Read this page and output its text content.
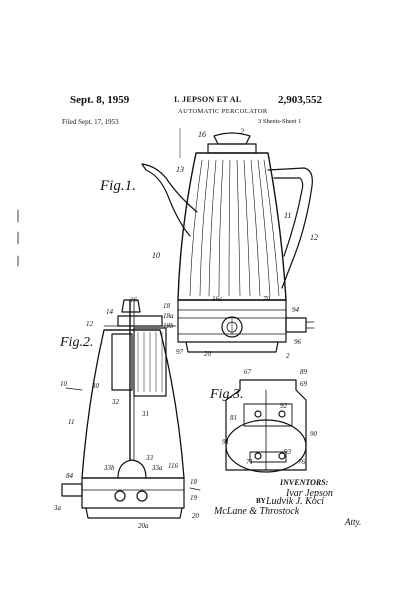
Sept. 8, 1959	I. JEPSON ET AL	2,903,552
AUTOMATIC PERCOLATOR
Filed Sept. 17, 1953	3 Sheets-Sheet 1
16	2
13
10
11
12
16c
18
18a
18b
94
70
96
97	20	2
Fig.1.
16
12
14
30
10
32
11
31
33b
33
33a
84
116
18
19
20
20a
3a
Fig.2.
67	89
69
81
92
91
90
93
71	76
Fig.3.
INVENTORS:
Ivar Jepson
BY Ludvik J. Koci
McLane & Throstock
Atty.
